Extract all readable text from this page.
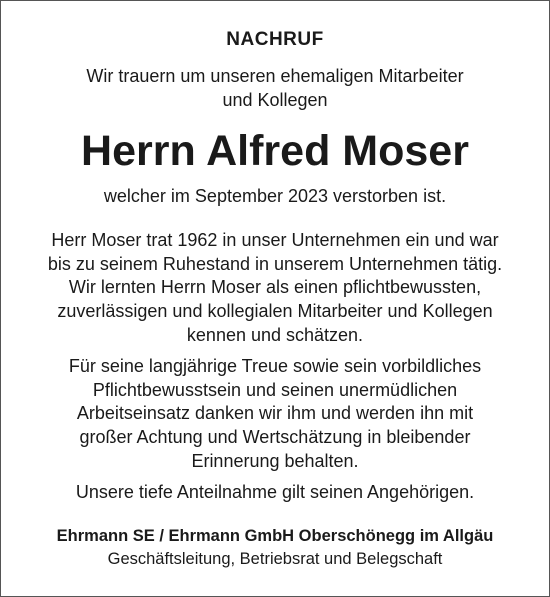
NACHRUF
Wir trauern um unseren ehemaligen Mitarbeiter
und Kollegen
Herrn Alfred Moser
welcher im September 2023 verstorben ist.
Herr Moser trat 1962 in unser Unternehmen ein und war
bis zu seinem Ruhestand in unserem Unternehmen tätig.
Wir lernten Herrn Moser als einen pflichtbewussten,
zuverlässigen und kollegialen Mitarbeiter und Kollegen
kennen und schätzen.
Für seine langjährige Treue sowie sein vorbildliches
Pflichtbewusstsein und seinen unermüdlichen
Arbeitseinsatz danken wir ihm und werden ihn mit
großer Achtung und Wertschätzung in bleibender
Erinnerung behalten.
Unsere tiefe Anteilnahme gilt seinen Angehörigen.
Ehrmann SE / Ehrmann GmbH Oberschönegg im Allgäu
Geschäftsleitung, Betriebsrat und Belegschaft
